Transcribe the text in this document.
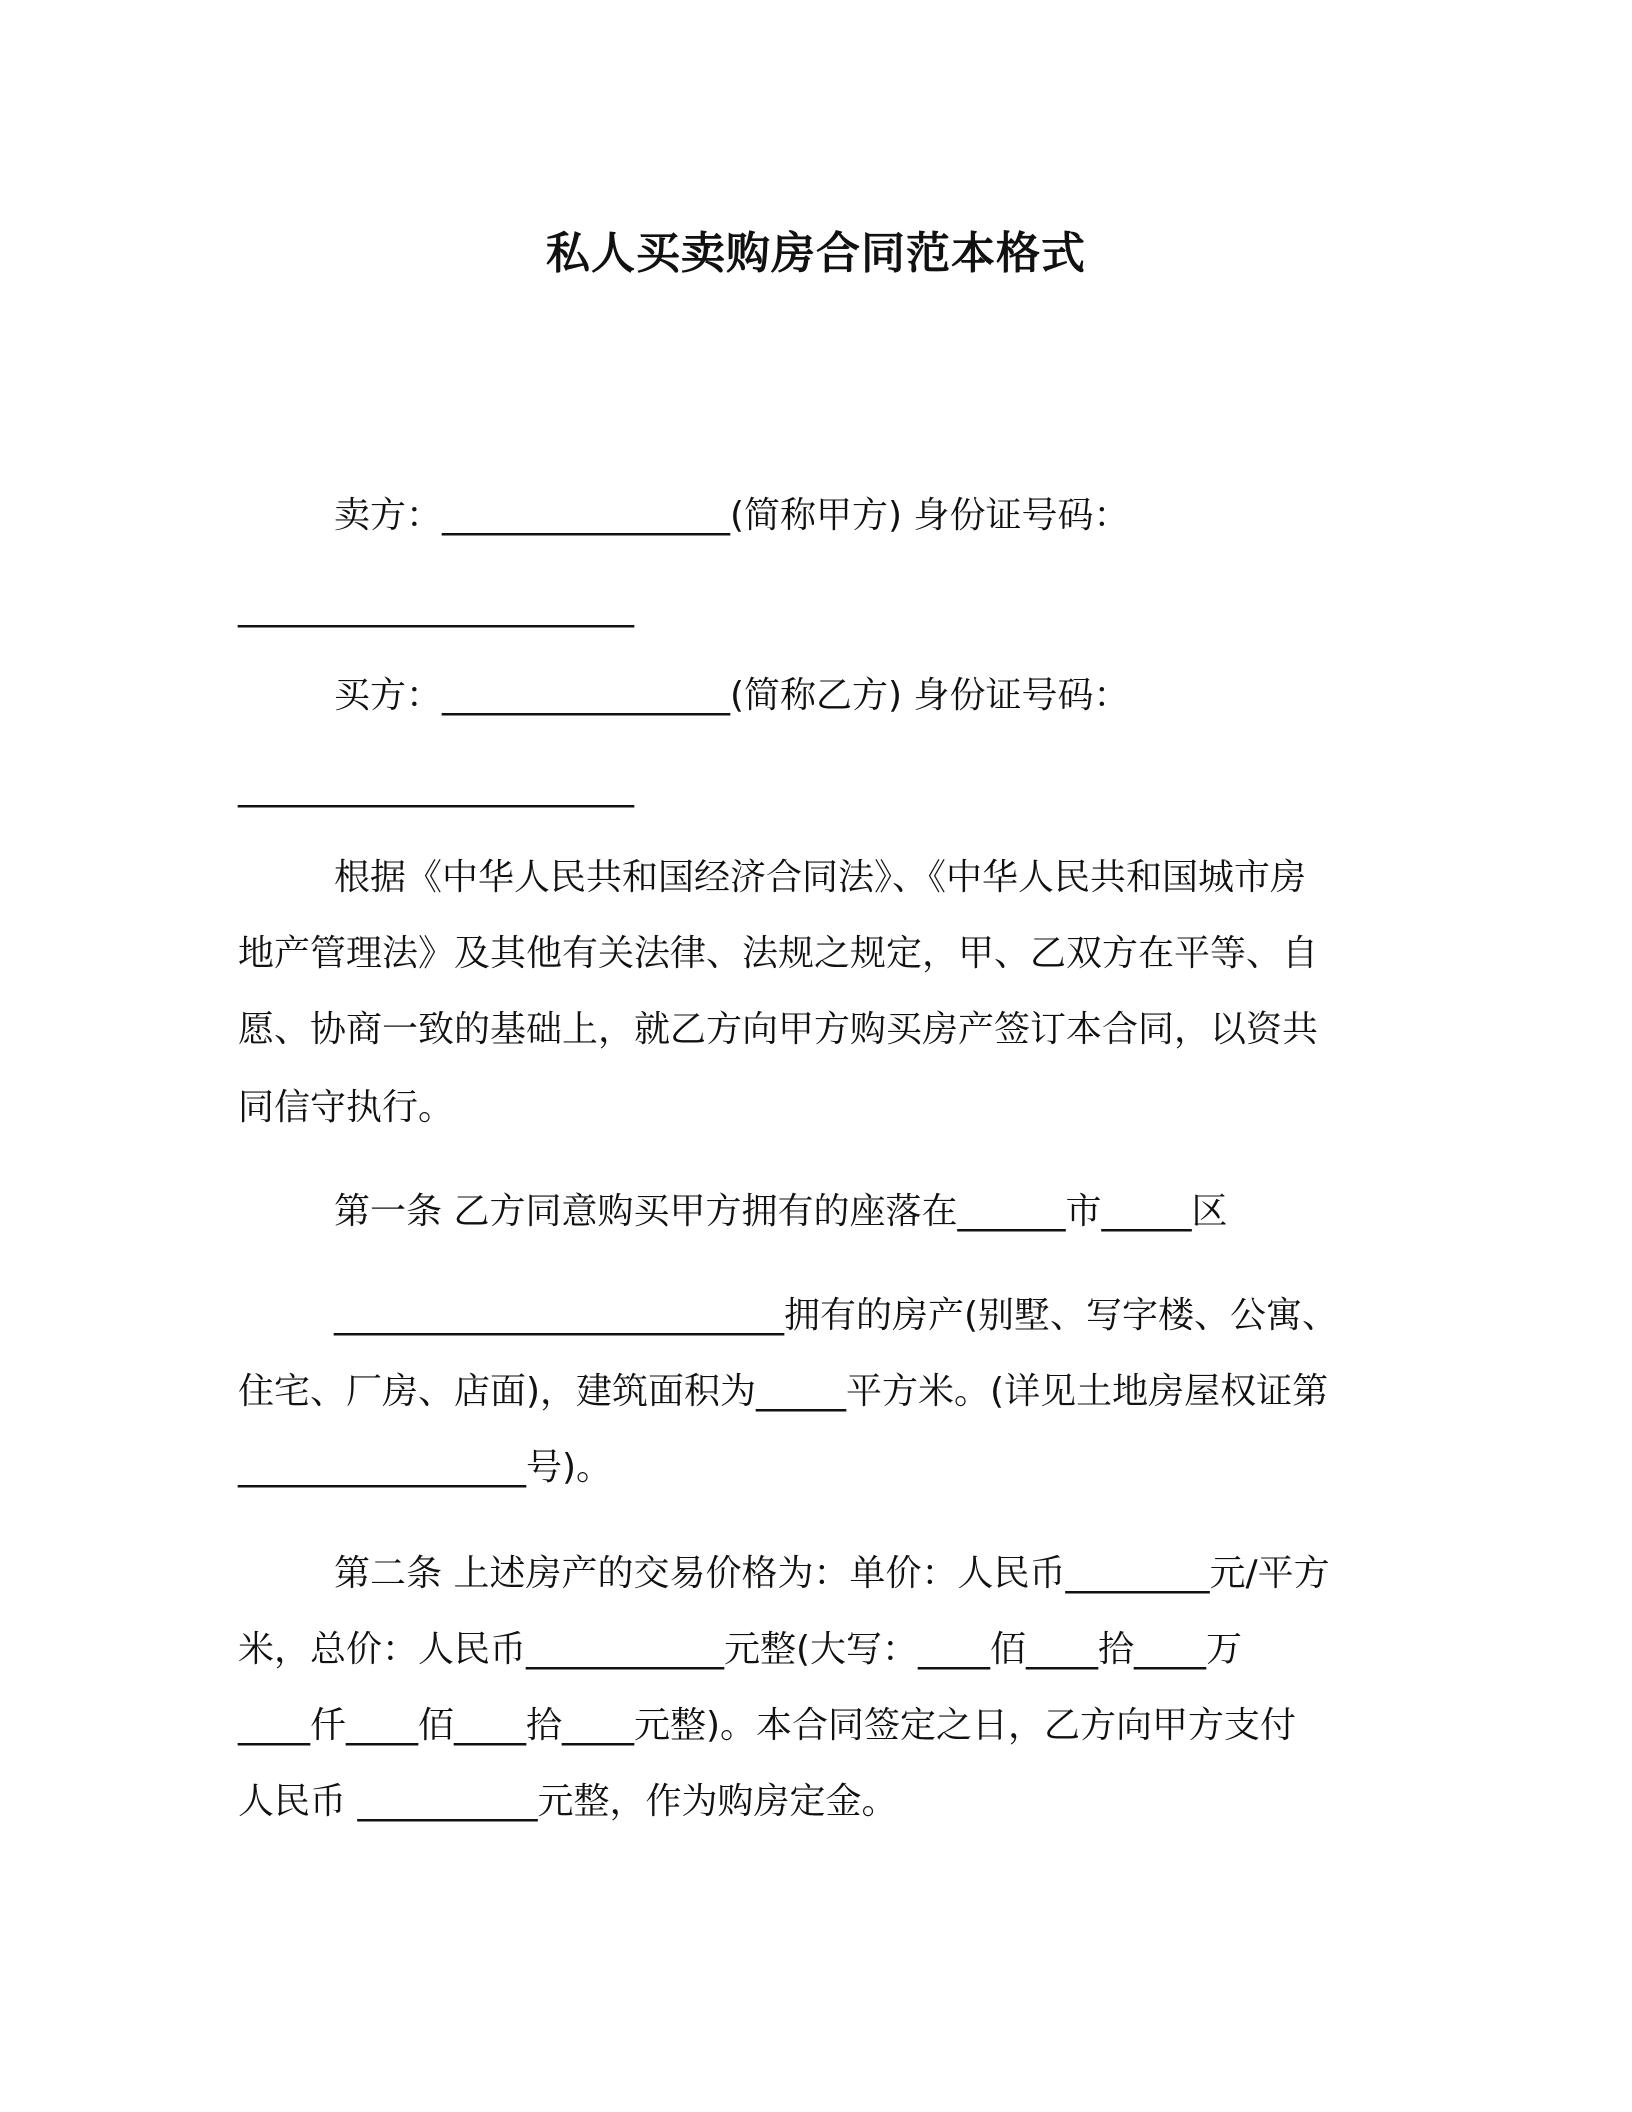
私人买卖购房合同范本格式

卖方：________________(简称甲方) 身份证号码：

______________________

买方：________________(简称乙方) 身份证号码：

______________________

根据《中华人民共和国经济合同法》、《中华人民共和国城市房

地产管理法》及其他有关法律、法规之规定，甲、乙双方在平等、自

愿、协商一致的基础上，就乙方向甲方购买房产签订本合同，以资共

同信守执行。

第一条 乙方同意购买甲方拥有的座落在______市_____区

_________________________拥有的房产(别墅、写字楼、公寓、

住宅、厂房、店面)，建筑面积为_____平方米。(详见土地房屋权证第

________________号)。

第二条 上述房产的交易价格为：单价：人民币________元/平方

米，总价：人民币___________元整(大写：____佰____拾____万

____仟____佰____拾____元整)。本合同签定之日，乙方向甲方支付

人民币 __________元整，作为购房定金。
